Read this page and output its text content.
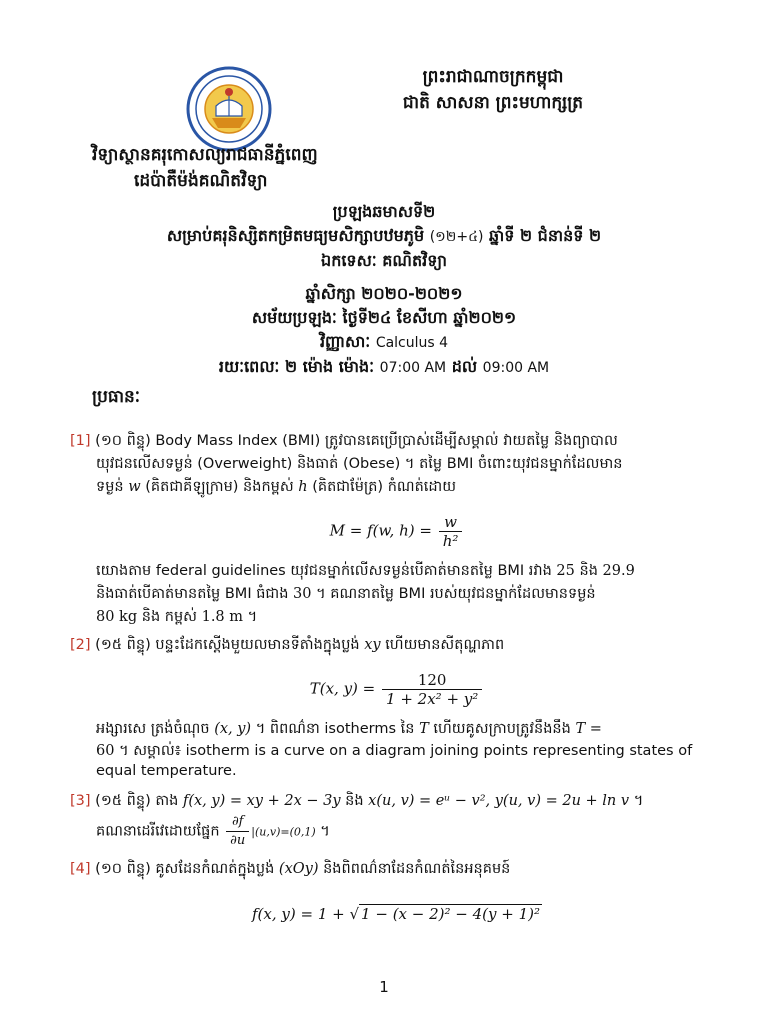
ព្រះរាជាណាចក្រកម្ពុជា
ជាតិ សាសនា ព្រះមហាក្សត្រ
វិទ្យាស្ថានគរុកោសល្យរាជធានីភ្នំពេញ
ដេប៉ាតឺម៉ង់គណិតវិទ្យា
ប្រឡងឆមាសទី២
សម្រាប់គរុនិស្សិតកម្រិតមធ្យមសិក្សាបឋមភូមិ (១២+៤) ឆ្នាំទី ២ ជំនាន់ទី ២
ឯកទេសៈ គណិតវិទ្យា
ឆ្នាំសិក្សា ២០២០-២០២១
សម័យប្រឡងៈ ថ្ងៃទី២៤ ខែសីហា ឆ្នាំ២០២១
វិញ្ញាសាៈ Calculus 4
រយៈពេលៈ ២ ម៉ោង ម៉ោងៈ 07:00 AM ដល់ 09:00 AM
ប្រធានៈ
[1] (១០ ពិន្ទុ) Body Mass Index (BMI) ត្រូវបានគេប្រើប្រាស់ដើម្បីសម្គាល់ វាយតម្លៃ និងព្យាបាល
យុវជនលើសទម្ងន់ (Overweight) និងធាត់ (Obese) ។ តម្លៃ BMI ចំពោះយុវជនម្នាក់ដែលមាន
ទម្ងន់ w (គិតជាគីឡូក្រាម) និងកម្ពស់ h (គិតជាម៉ែត្រ) កំណត់ដោយ
M = f(w, $h) = \frac{w}{\text{h²}}$
យោងតាម federal guidelines យុវជនម្នាក់លើសទម្ងន់បើគាត់មានតម្លៃ BMI រវាង 25 និង 29.9
និងធាត់បើគាត់មានតម្លៃ BMI ធំជាង 30 ។ គណនាតម្លៃ BMI របស់យុវជនម្នាក់ដែលមានទម្ងន់
80 kg និង កម្ពស់ 1.8 m ។
[2] (១៥ ពិន្ទុ) បន្ទះដែកស្តើងមួយលមានទីតាំងក្នុងប្លង់ xy ហើយមានសីតុណ្ហភាព
T(x, $y) = \frac{120}{\text{1 + 2x² + y²}}$
អង្សារសេ ត្រង់ចំណុច (x, y) ។ ពិពណ៌នា isotherms នៃ T ហើយគូសក្រាបត្រូវនឹងនឹង T =
60 ។ សម្គាល់៖ isotherm is a curve on a diagram joining points representing states of equal temperature.
[3] (១៥ ពិន្ទុ) តាង f(x, y) = xy + 2x − 3y និង x(u, v) = eᵘ − v², y(u, v) = 2u + ln v ។
គណនាដេរីវេដោយផ្នែក $\frac{\partial f}{\partial u} |(u,v)=(0,1)$ ។
[4] (១០ ពិន្ទុ) គូសដែនកំណត់ក្នុងប្លង់ (xOy) និងពិពណ៌នាដែនកំណត់នៃអនុគមន៍
f(x, y) = 1 + √ 1 − (x − 2)² − 4(y + 1)²
1
